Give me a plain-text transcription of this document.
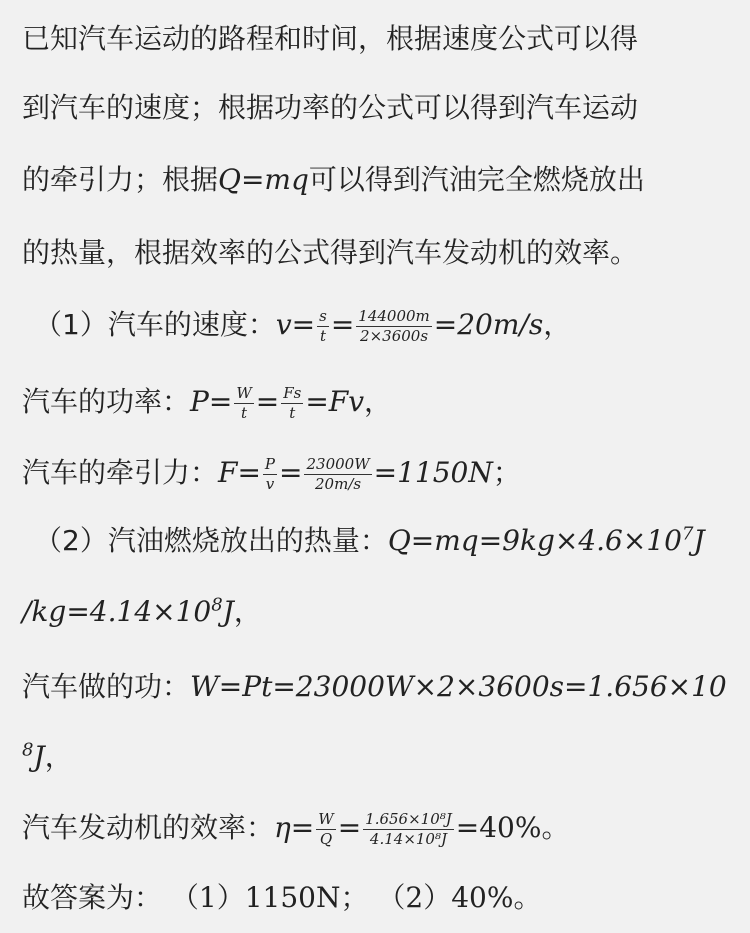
已知汽车运动的路程和时间，根据速度公式可以得
到汽车的速度；根据功率的公式可以得到汽车运动
的牵引力；根据Q=mq可以得到汽油完全燃烧放出
的热量，根据效率的公式得到汽车发动机的效率。
（1）汽车的速度：$v= \frac{s}{t} = \frac{144000m}{2\times 3600s} =20m/s$，
汽车的功率：$P= \frac{W}{t} = \frac{Fs}{t} =Fv$，
汽车的牵引力：$F= \frac{P}{v} = \frac{23000W}{20m/s} =1150N$；
（2）汽油燃烧放出的热量：$Q=mq=9kg\times 4.6\times 10^7J$
$/kg=4.14\times 10^8J$，
汽车做的功：W=Pt=23000W×2×3600s=1.656×10
$^8$J，
汽车发动机的效率：$\eta= \frac{W}{Q} = \frac{\text{1.656×10⁸J}}{\text{4.14×10⁸J}} =40\%$。
故答案为： （1）1150N； （2）40%。
